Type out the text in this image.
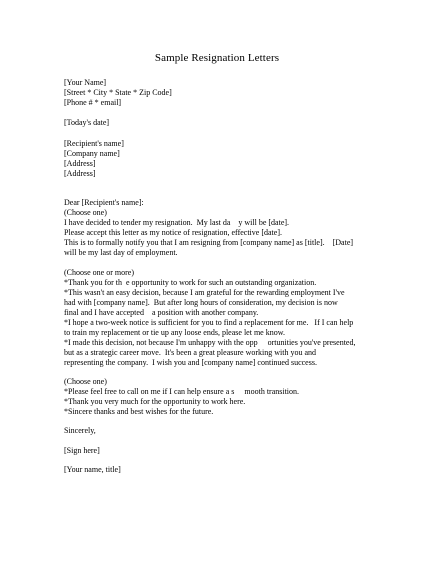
Sample Resignation Letters
[Your Name]
[Street * City * State * Zip Code]
[Phone # * email]
[Today's date]
[Recipient's name]
[Company name]
[Address]
[Address]
Dear [Recipient's name]:
(Choose one)
I have decided to tender my resignation.  My last da    y will be [date].
Please accept this letter as my notice of resignation, effective [date].
This is to formally notify you that I am resigning from [company name] as [title].    [Date]
will be my last day of employment.
(Choose one or more)
*Thank you for th  e opportunity to work for such an outstanding organization.
*This wasn't an easy decision, because I am grateful for the rewarding employment I've
had with [company name].  But after long hours of consideration, my decision is now
final and I have accepted    a position with another company.
*I hope a two-week notice is sufficient for you to find a replacement for me.   If I can help
to train my replacement or tie up any loose ends, please let me know.
*I made this decision, not because I'm unhappy with the opp     ortunities you've presented,
but as a strategic career move.  It's been a great pleasure working with you and
representing the company.  I wish you and [company name] continued success.
(Choose one)
*Please feel free to call on me if I can help ensure a s     mooth transition.
*Thank you very much for the opportunity to work here.
*Sincere thanks and best wishes for the future.
Sincerely,
[Sign here]
[Your name, title]
